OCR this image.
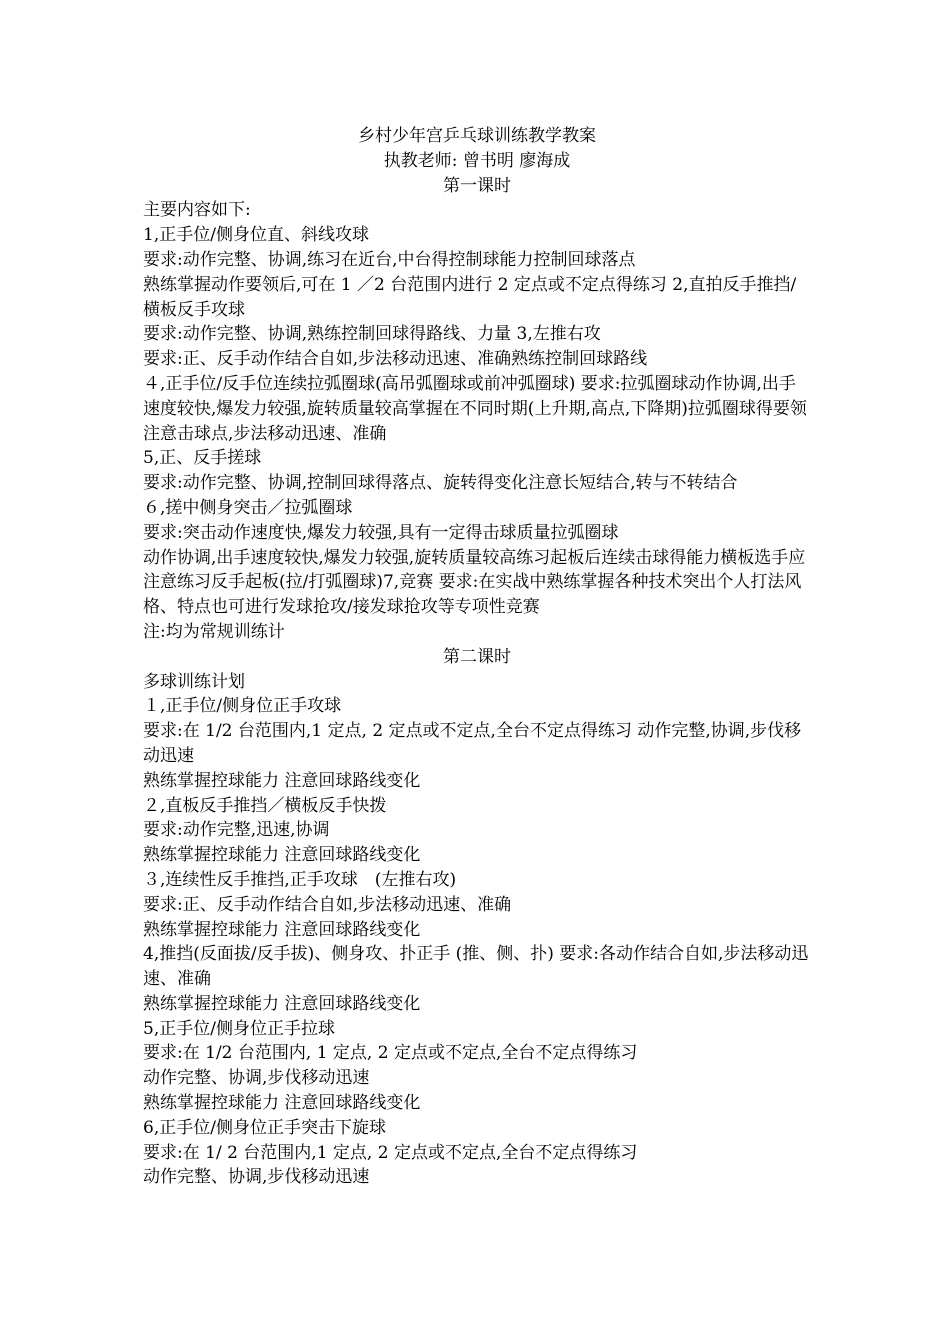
乡村少年宫乒乓球训练教学教案

执教老师: 曾书明 廖海成

第一课时

主要内容如下:

1,正手位/侧身位直、斜线攻球

要求:动作完整、协调,练习在近台,中台得控制球能力控制回球落点

熟练掌握动作要领后,可在 1 ／2 台范围内进行 2 定点或不定点得练习 2,直拍反手推挡/横板反手攻球

要求:动作完整、协调,熟练控制回球得路线、力量 3,左推右攻

要求:正、反手动作结合自如,步法移动迅速、准确熟练控制回球路线

４,正手位/反手位连续拉弧圈球(高吊弧圈球或前冲弧圈球) 要求:拉弧圈球动作协调,出手速度较快,爆发力较强,旋转质量较高掌握在不同时期(上升期,高点,下降期)拉弧圈球得要领　注意击球点,步法移动迅速、准确

5,正、反手搓球

要求:动作完整、协调,控制回球得落点、旋转得变化注意长短结合,转与不转结合

６,搓中侧身突击／拉弧圈球

要求:突击动作速度快,爆发力较强,具有一定得击球质量拉弧圈球

动作协调,出手速度较快,爆发力较强,旋转质量较高练习起板后连续击球得能力横板选手应注意练习反手起板(拉/打弧圈球)7,竞赛 要求:在实战中熟练掌握各种技术突出个人打法风格、特点也可进行发球抢攻/接发球抢攻等专项性竞赛

注:均为常规训练计

第二课时

多球训练计划

１,正手位/侧身位正手攻球

要求:在 1/2 台范围内,1 定点, 2 定点或不定点,全台不定点得练习 动作完整,协调,步伐移动迅速

熟练掌握控球能力 注意回球路线变化

２,直板反手推挡／横板反手快拨

要求:动作完整,迅速,协调

熟练掌握控球能力 注意回球路线变化

３,连续性反手推挡,正手攻球　(左推右攻)

要求:正、反手动作结合自如,步法移动迅速、准确

熟练掌握控球能力 注意回球路线变化

4,推挡(反面拔/反手拔)、侧身攻、扑正手 (推、侧、扑) 要求:各动作结合自如,步法移动迅速、准确

熟练掌握控球能力 注意回球路线变化

5,正手位/侧身位正手拉球

要求:在 1/2 台范围内, 1 定点, 2 定点或不定点,全台不定点得练习

动作完整、协调,步伐移动迅速

熟练掌握控球能力 注意回球路线变化

6,正手位/侧身位正手突击下旋球

要求:在 1/ 2 台范围内,1 定点, 2 定点或不定点,全台不定点得练习

动作完整、协调,步伐移动迅速
